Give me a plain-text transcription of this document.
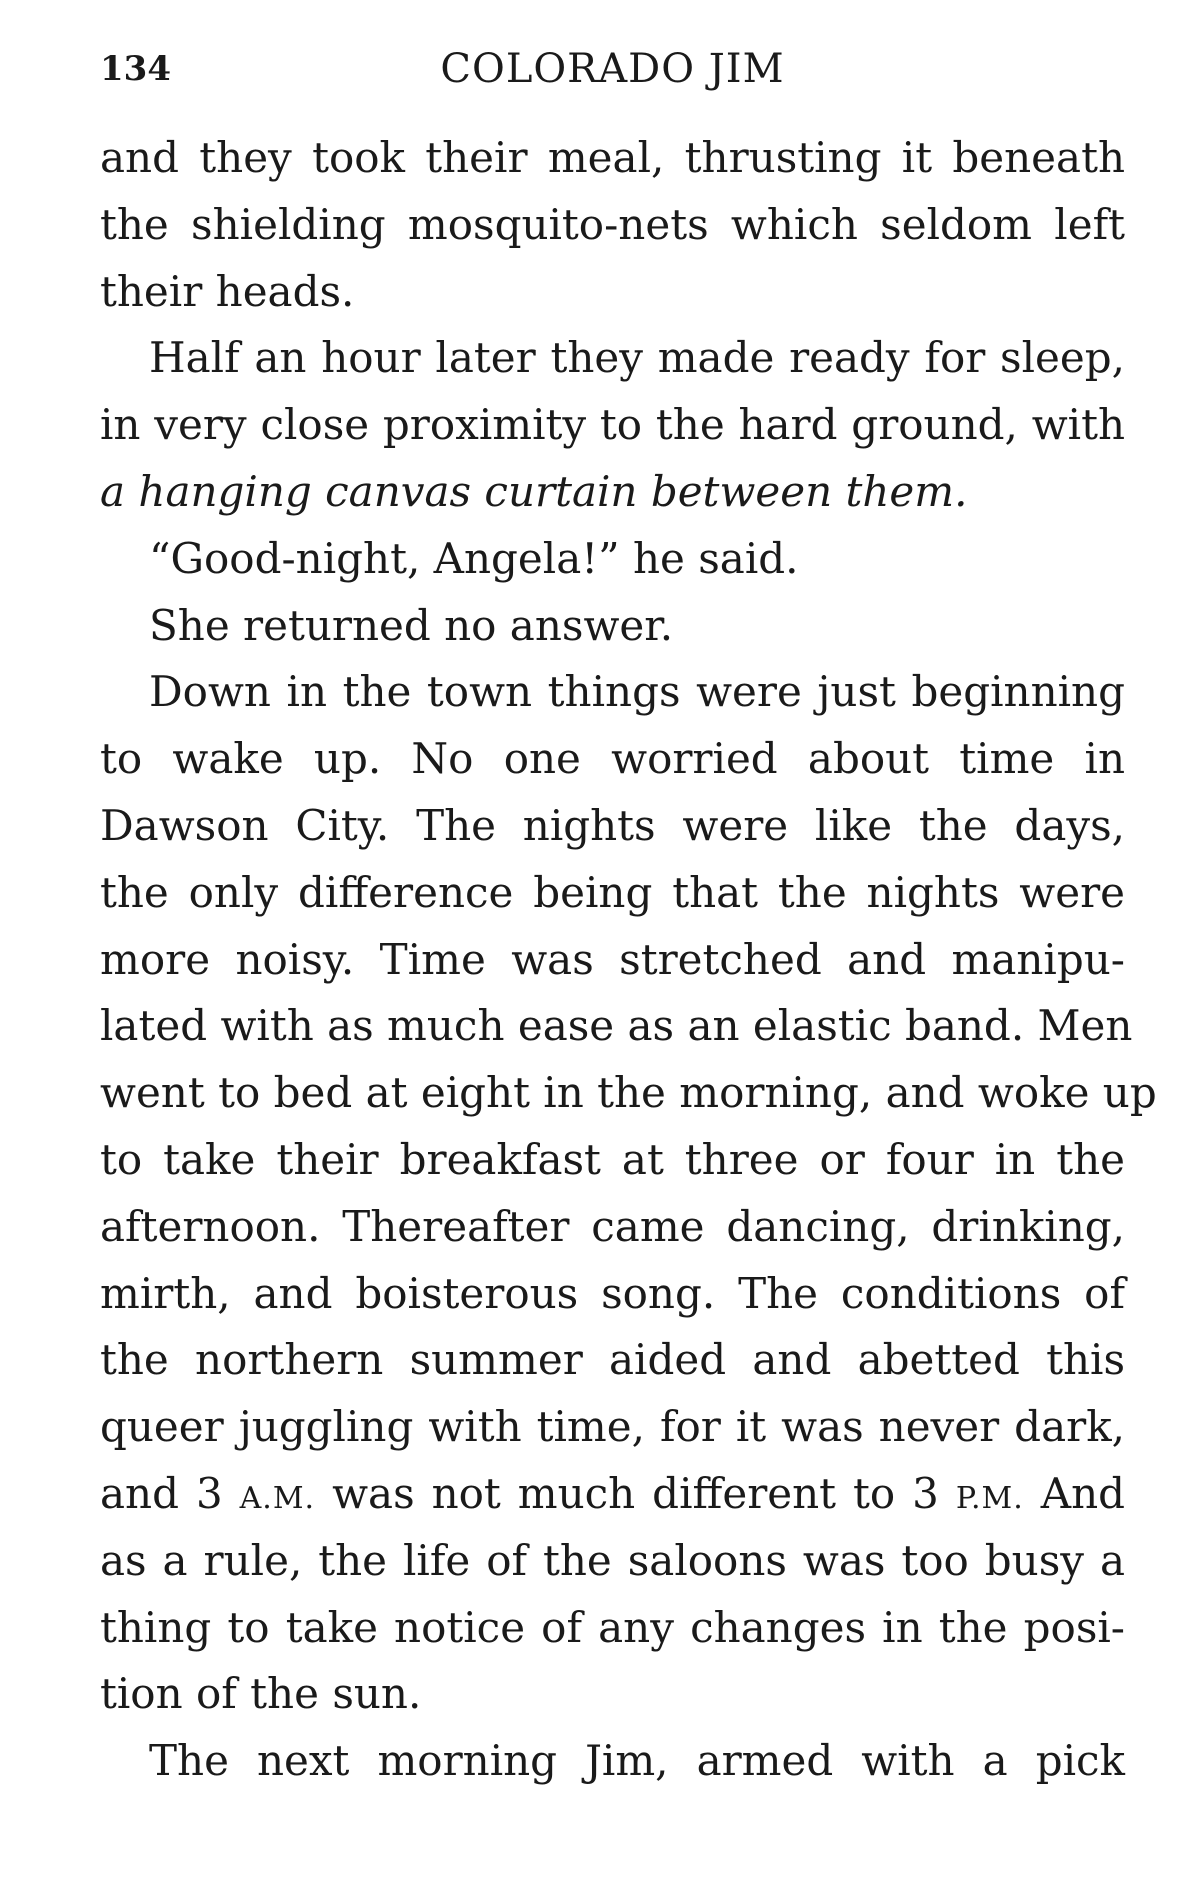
134	COLORADO JIM
and they took their meal, thrusting it beneath
the shielding mosquito-nets which seldom left
their heads.
Half an hour later they made ready for sleep,
in very close proximity to the hard ground, with
a hanging canvas curtain between them.
“Good-night, Angela!” he said.
She returned no answer.
Down in the town things were just beginning
to wake up. No one worried about time in
Dawson City. The nights were like the days,
the only difference being that the nights were
more noisy. Time was stretched and manipu-
lated with as much ease as an elastic band. Men
went to bed at eight in the morning, and woke up
to take their breakfast at three or four in the
afternoon. Thereafter came dancing, drinking,
mirth, and boisterous song. The conditions of
the northern summer aided and abetted this
queer juggling with time, for it was never dark,
and 3 A.M. was not much different to 3 P.M. And
as a rule, the life of the saloons was too busy a
thing to take notice of any changes in the posi-
tion of the sun.
The next morning Jim, armed with a pick
